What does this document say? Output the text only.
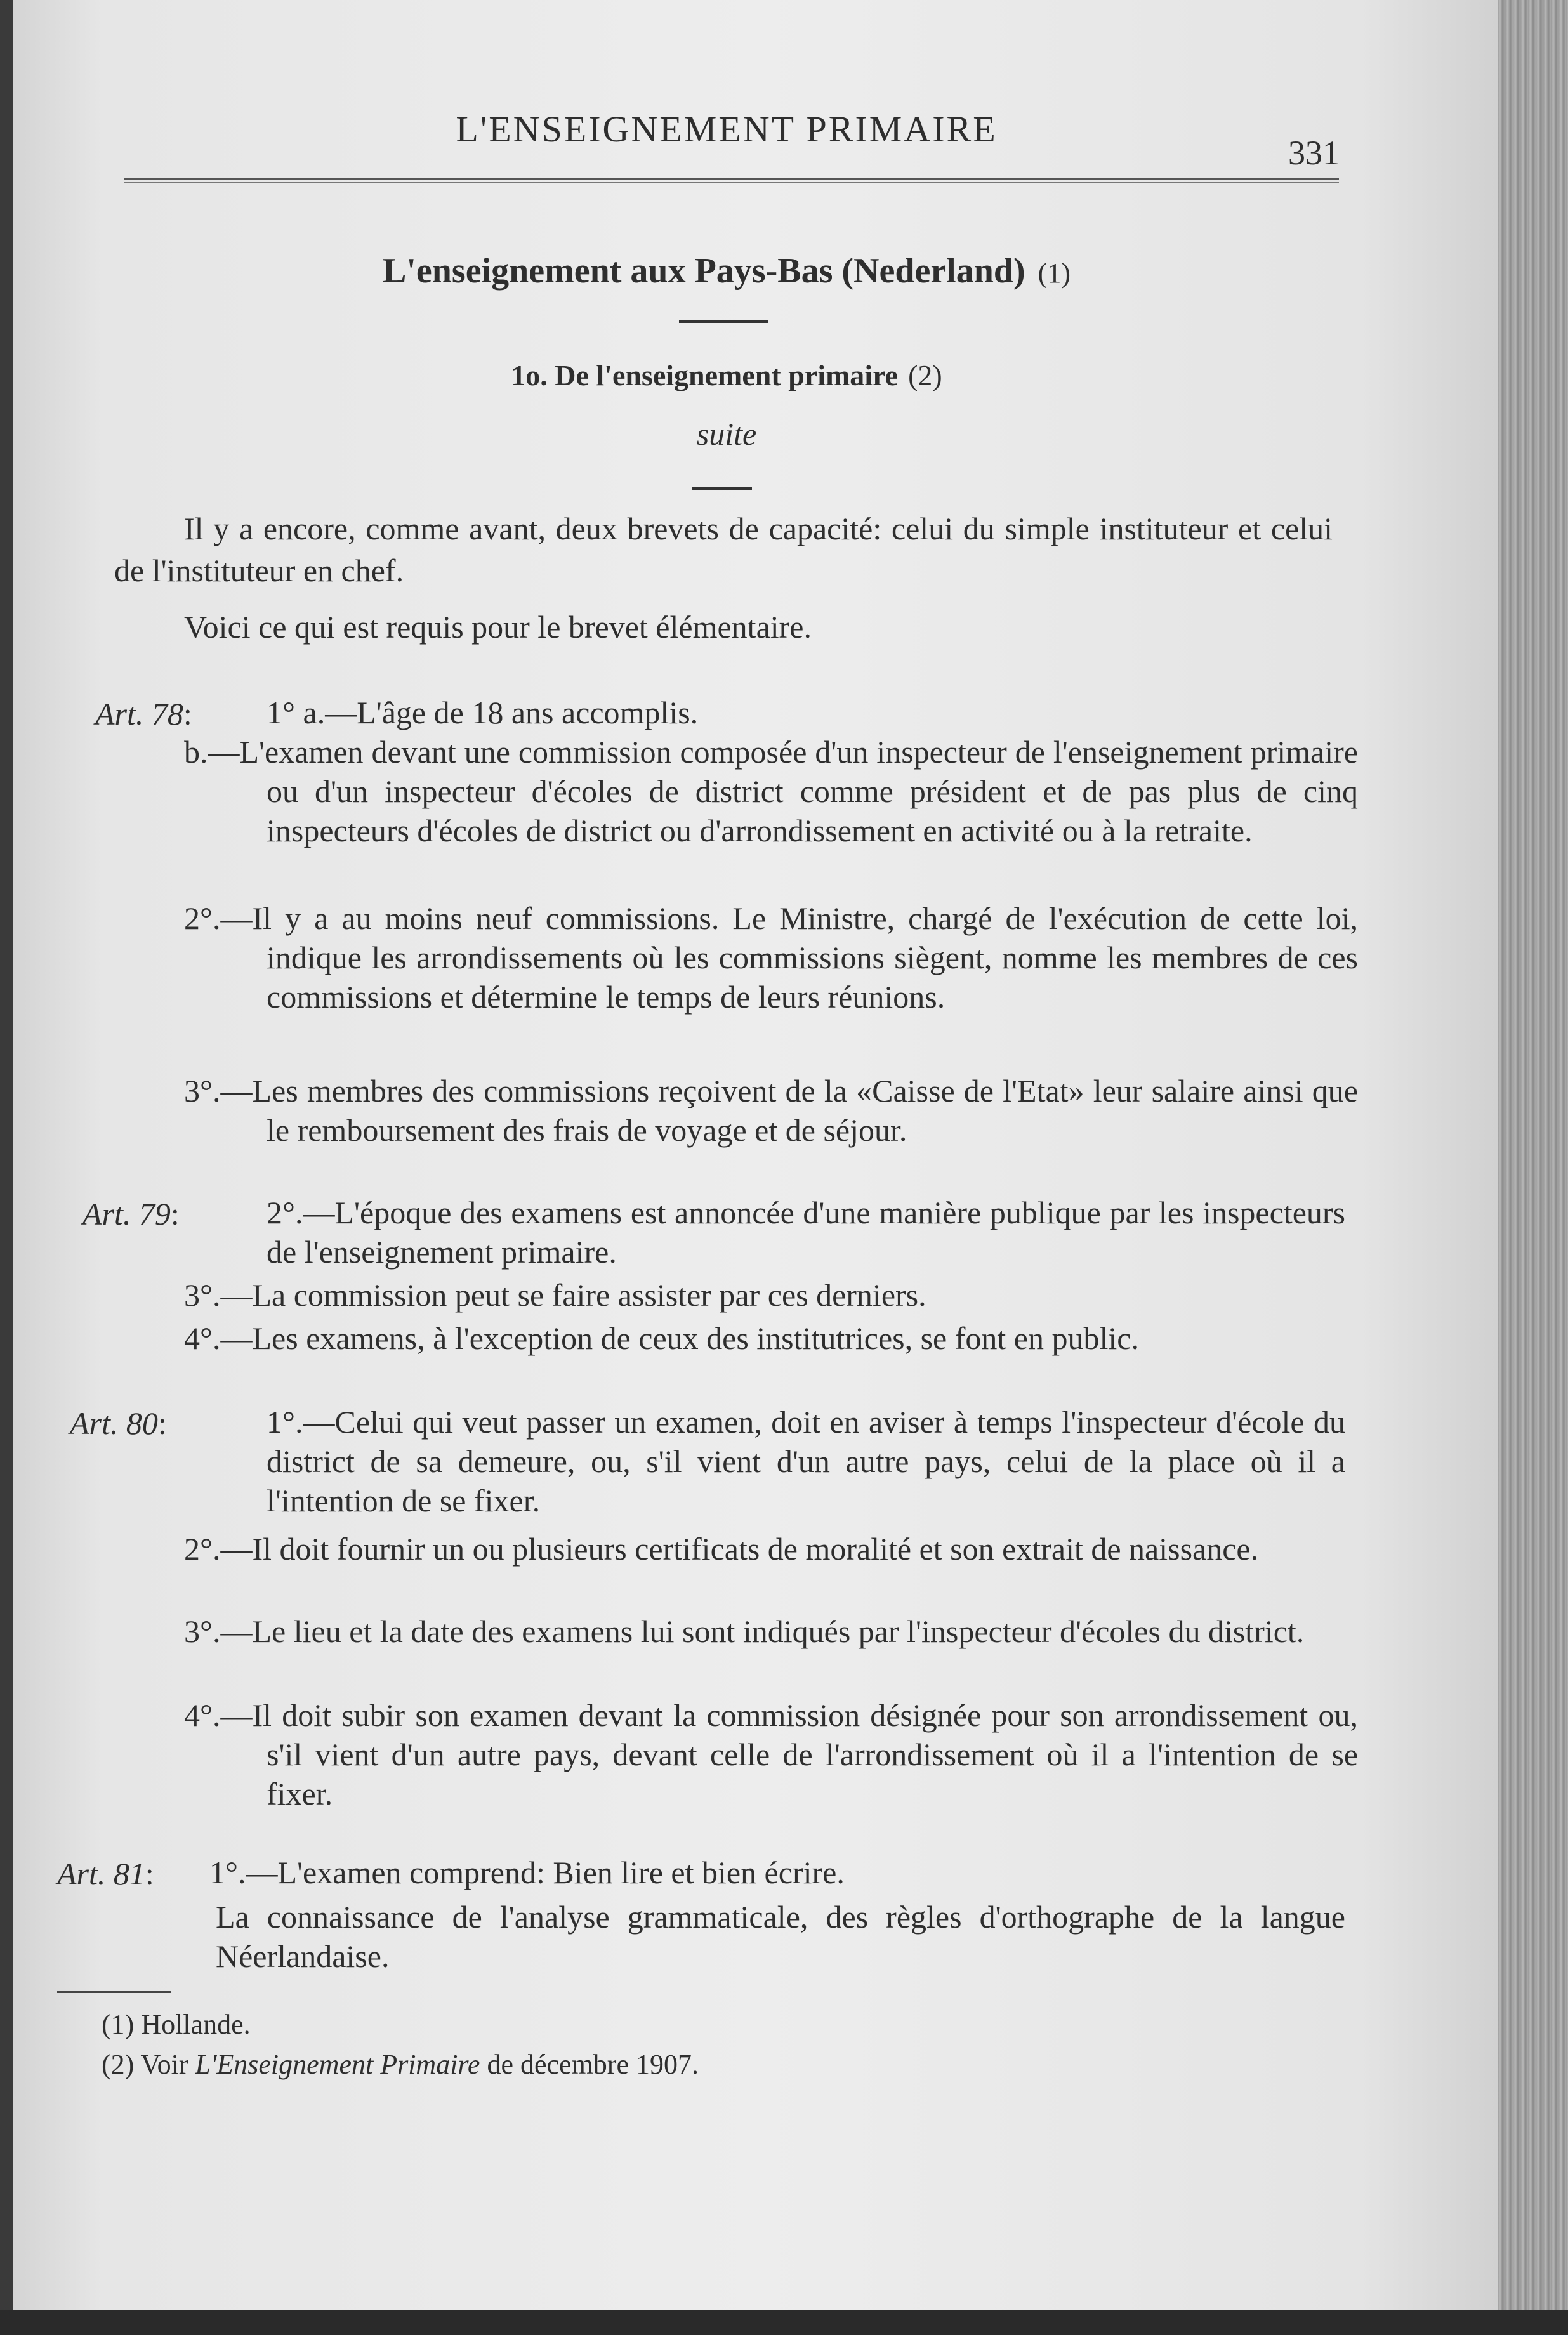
L'ENSEIGNEMENT PRIMAIRE
331
L'enseignement aux Pays-Bas (Nederland) (1)
1o. De l'enseignement primaire (2)
suite
Il y a encore, comme avant, deux brevets de capacité: celui du simple instituteur et celui de l'instituteur en chef.
Voici ce qui est requis pour le brevet élémentaire.
Art. 78: 1° a.—L'âge de 18 ans accomplis.
b.—L'examen devant une commission composée d'un inspecteur de l'enseignement primaire ou d'un inspecteur d'écoles de district comme président et de pas plus de cinq inspecteurs d'écoles de district ou d'arrondissement en activité ou à la retraite.
2°.—Il y a au moins neuf commissions. Le Ministre, chargé de l'exécution de cette loi, indique les arrondissements où les commissions siègent, nomme les membres de ces commissions et détermine le temps de leurs réunions.
3°.—Les membres des commissions reçoivent de la «Caisse de l'Etat» leur salaire ainsi que le remboursement des frais de voyage et de séjour.
Art. 79:	2°.—L'époque des examens est annoncée d'une manière publique par les inspecteurs de l'enseignement primaire.
3°.—La commission peut se faire assister par ces derniers.
4°.—Les examens, à l'exception de ceux des institutrices, se font en public.
Art. 80:	1°.—Celui qui veut passer un examen, doit en aviser à temps l'inspecteur d'école du district de sa demeure, ou, s'il vient d'un autre pays, celui de la place où il a l'intention de se fixer.
2°.—Il doit fournir un ou plusieurs certificats de moralité et son extrait de naissance.
3°.—Le lieu et la date des examens lui sont indiqués par l'inspecteur d'écoles du district.
4°.—Il doit subir son examen devant la commission désignée pour son arrondissement ou, s'il vient d'un autre pays, devant celle de l'arrondissement où il a l'intention de se fixer.
Art. 81: 1°.—L'examen comprend: Bien lire et bien écrire.
La connaissance de l'analyse grammaticale, des règles d'orthographe de la langue Néerlandaise.
(1) Hollande.
(2) Voir L'Enseignement Primaire de décembre 1907.
